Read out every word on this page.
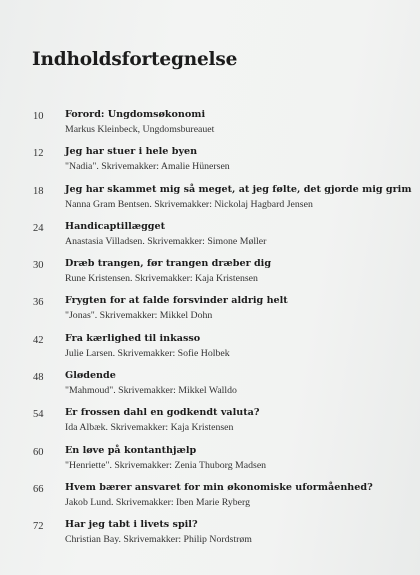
Indholdsfortegnelse
10 Forord: Ungdomsøkonomi
Markus Kleinbeck, Ungdomsbureauet
12 Jeg har stuer i hele byen
"Nadia". Skrivemakker: Amalie Hünersen
18 Jeg har skammet mig så meget, at jeg følte, det gjorde mig grim
Nanna Gram Bentsen. Skrivemakker: Nickolaj Hagbard Jensen
24 Handicaptillægget
Anastasia Villadsen. Skrivemakker: Simone Møller
30 Dræb trangen, før trangen dræber dig
Rune Kristensen. Skrivemakker: Kaja Kristensen
36 Frygten for at falde forsvinder aldrig helt
"Jonas". Skrivemakker: Mikkel Dohn
42 Fra kærlighed til inkasso
Julie Larsen. Skrivemakker: Sofie Holbek
48 Glødende
"Mahmoud". Skrivemakker: Mikkel Walldo
54 Er frossen dahl en godkendt valuta?
Ida Albæk. Skrivemakker: Kaja Kristensen
60 En løve på kontanthjælp
"Henriette". Skrivemakker: Zenia Thuborg Madsen
66 Hvem bærer ansvaret for min økonomiske uformåenhed?
Jakob Lund. Skrivemakker: Iben Marie Ryberg
72 Har jeg tabt i livets spil?
Christian Bay. Skrivemakker: Philip Nordstrøm
